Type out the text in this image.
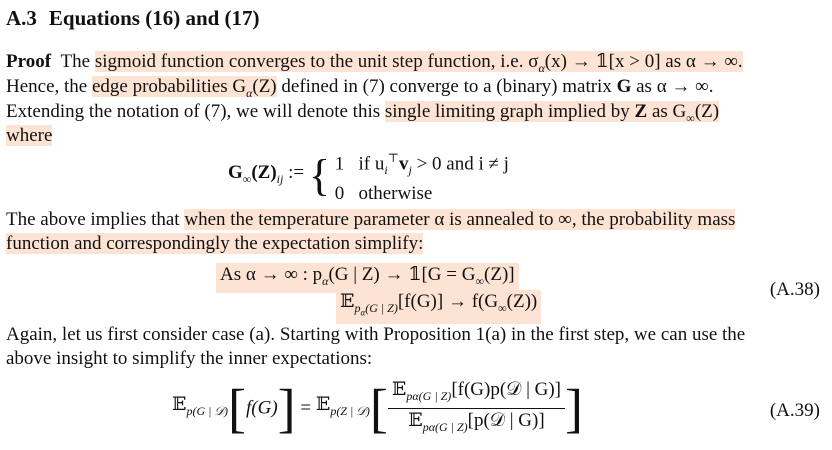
A.3 Equations (16) and (17)
Proof The sigmoid function converges to the unit step function, i.e. $\sigma_\alpha(x)$ → 𝟙[x > 0] as α → ∞.
Hence, the edge probabilities $G_\alpha(Z)$ defined in (7) converge to a (binary) matrix G as α → ∞.
Extending the notation of (7), we will denote this single limiting graph implied by Z as $G_\infty(Z)$
where
$G_\infty(Z)_{ij}$ := { 1 if $u_i^⊤v_j > 0$ and i ≠ j
0 otherwise
The above implies that when the temperature parameter α is annealed to ∞, the probability mass
function and correspondingly the expectation simplify:
As α → ∞ : $p_\alpha(G$ | Z) → 𝟙[G = $G_\infty(Z)$]
𝔼$_{p_\alpha(G | Z)}$[f(G)] → $f(G_\infty(Z))$
(A.38)
Again, let us first consider case (a). Starting with Proposition 1(a) in the first step, we can use the
above insight to simplify the inner expectations:
𝔼$_{p(G | 𝒟)}$[f(G)] = 𝔼$_{p(Z | 𝒟)}$[ $\frac{𝔼_{p\alpha(G | Z)}[f(G)p(𝒟 | G)]}{𝔼_{p\alpha(G | Z)}[p(𝒟 | G)]}$ ]	(A.39)
